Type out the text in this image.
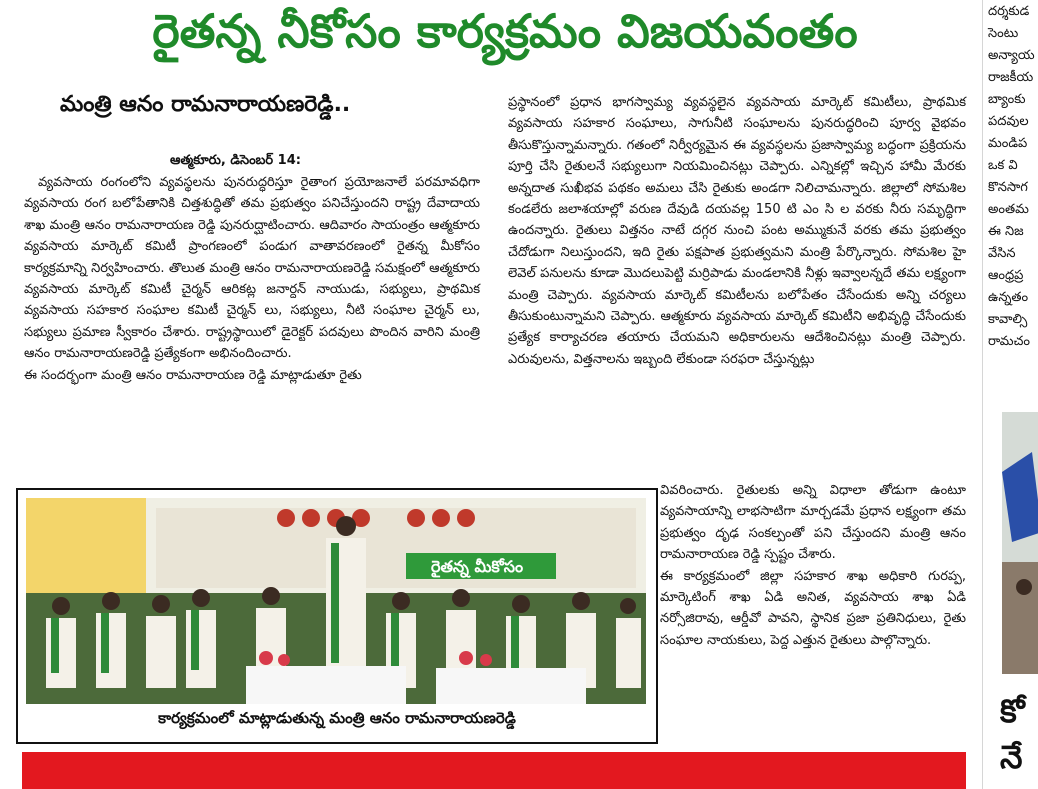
రైతన్న నీకోసం కార్యక్రమం విజయవంతం
మంత్రి ఆనం రామనారాయణరెడ్డి..
ఆత్మకూరు, డిసెంబర్ 14:

వ్యవసాయ రంగంలోని వ్యవస్థలను పునరుద్ధరిస్తూ రైతాంగ ప్రయోజనాలే పరమావధిగా వ్యవసాయ రంగ బలోపేతానికి చిత్తశుద్ధితో తమ ప్రభుత్వం పనిచేస్తుందని రాష్ట్ర దేవాదాయ శాఖ మంత్రి ఆనం రామనారాయణ రెడ్డి పునరుద్ఘాటించారు. ఆదివారం సాయంత్రం ఆత్మకూరు వ్యవసాయ మార్కెట్ కమిటీ ప్రాంగణంలో పండుగ వాతావరణంలో రైతన్న మీకోసం కార్యక్రమాన్ని నిర్వహించారు. తొలుత మంత్రి ఆనం రామనారాయణరెడ్డి సమక్షంలో ఆత్మకూరు వ్యవసాయ మార్కెట్ కమిటీ చైర్మన్ ఆరికట్ల జనార్దన్ నాయుడు, సభ్యులు, ప్రాథమిక వ్యవసాయ సహకార సంఘాల కమిటీ చైర్మన్ లు, సభ్యులు, నీటి సంఘాల చైర్మన్ లు, సభ్యులు ప్రమాణ స్వీకారం చేశారు. రాష్ట్రస్థాయిలో డైరెక్టర్ పదవులు పొందిన వారిని మంత్రి ఆనం రామనారాయణరెడ్డి ప్రత్యేకంగా అభినందించారు.

ఈ సందర్భంగా మంత్రి ఆనం రామనారాయణ రెడ్డి మాట్లాడుతూ రైతు

ప్రస్థానంలో ప్రధాన భాగస్వామ్య వ్యవస్థలైన వ్యవసాయ మార్కెట్ కమిటీలు, ప్రాథమిక వ్యవసాయ సహకార సంఘాలు, సాగునీటి సంఘాలను పునరుద్ధరించి పూర్వ వైభవం తీసుకొస్తున్నామన్నారు. గతంలో నిర్వీర్యమైన ఈ వ్యవస్థలను ప్రజాస్వామ్య బద్ధంగా ప్రక్రియను పూర్తి చేసి రైతులనే సభ్యులుగా నియమించినట్లు చెప్పారు. ఎన్నికల్లో ఇచ్చిన హామీ మేరకు అన్నదాత సుఖీభవ పథకం అమలు చేసి రైతుకు అండగా నిలిచామన్నారు. జిల్లాలో సోమశిల కండలేరు జలాశయాల్లో వరుణ దేవుడి దయవల్ల 150 టి ఎం సి ల వరకు నీరు సమృద్ధిగా ఉందన్నారు. రైతులు విత్తనం నాటే దగ్గర నుంచి పంట అమ్ముకునే వరకు తమ ప్రభుత్వం చేదోడుగా నిలుస్తుందని, ఇది రైతు పక్షపాత ప్రభుత్వమని మంత్రి పేర్కొన్నారు. సోమశిల హై లెవెల్ పనులను కూడా మొదలుపెట్టి మర్రిపాడు మండలానికి నీళ్లు ఇవ్వాలన్నదే తమ లక్ష్యంగా మంత్రి చెప్పారు. వ్యవసాయ మార్కెట్ కమిటీలను బలోపేతం చేసేందుకు అన్ని చర్యలు తీసుకుంటున్నామని చెప్పారు. ఆత్మకూరు వ్యవసాయ మార్కెట్ కమిటీని అభివృద్ధి చేసేందుకు ప్రత్యేక కార్యాచరణ తయారు చేయమని అధికారులను ఆదేశించినట్లు మంత్రి చెప్పారు. ఎరువులను, విత్తనాలను ఇబ్బంది లేకుండా సరఫరా చేస్తున్నట్లు

వివరించారు. రైతులకు అన్ని విధాలా తోడుగా ఉంటూ వ్యవసాయాన్ని లాభసాటిగా మార్చడమే ప్రధాన లక్ష్యంగా తమ ప్రభుత్వం దృఢ సంకల్పంతో పని చేస్తుందని మంత్రి ఆనం రామనారాయణ రెడ్డి స్పష్టం చేశారు.

ఈ కార్యక్రమంలో జిల్లా సహకార శాఖ అధికారి గురప్ప, మార్కెటింగ్ శాఖ ఏడి అనిత, వ్యవసాయ శాఖ ఏడి నర్సోజిరావు, ఆర్డీవో పావని, స్థానిక ప్రజా ప్రతినిధులు, రైతు సంఘాల నాయకులు, పెద్ద ఎత్తున రైతులు పాల్గొన్నారు.

రైతన్న మీకోసం
కార్యక్రమంలో మాట్లాడుతున్న మంత్రి ఆనం రామనారాయణరెడ్డి
దర్శకుడ
సెంటు
అన్యాయ
రాజకీయ
బ్యాంకు
పదవుల
మండిప
ఒక వి
కొనసాగ
అంతమ
ఈ నిజ
వేసిన
ఆంధ్రప్ర
ఉన్నతం
కావాల్సి
రామచం
కో
నే
